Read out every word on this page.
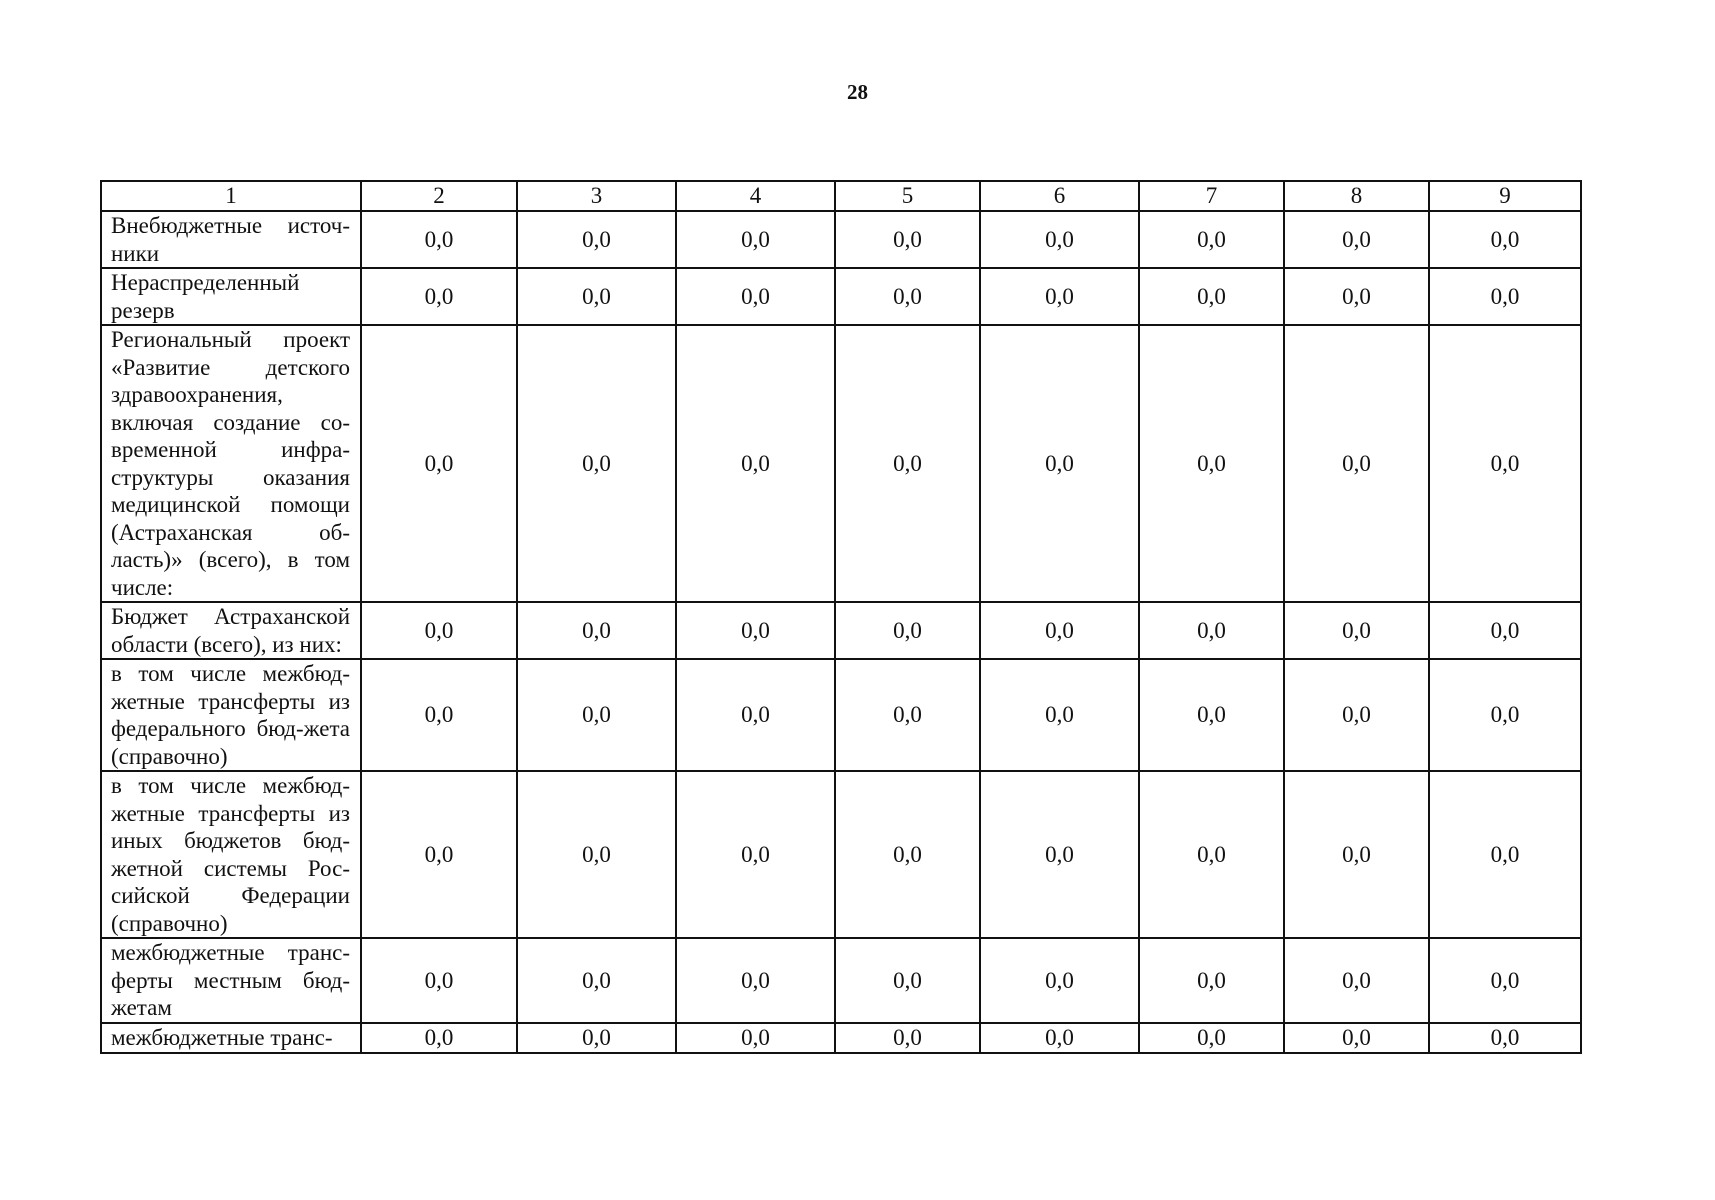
28
1	2	3	4	5	6	7	8	9
Внебюджетные источ-ники	0,0	0,0	0,0	0,0	0,0	0,0	0,0	0,0
Нераспределенный резерв	0,0	0,0	0,0	0,0	0,0	0,0	0,0	0,0
Региональный проект «Развитие детского здравоохранения, включая создание со-временной инфра-структуры оказания медицинской помощи (Астраханская об-ласть)» (всего), в том числе:	0,0	0,0	0,0	0,0	0,0	0,0	0,0	0,0
Бюджет Астраханской области (всего), из них:	0,0	0,0	0,0	0,0	0,0	0,0	0,0	0,0
в том числе межбюд-жетные трансферты из федерального бюд-жета (справочно)	0,0	0,0	0,0	0,0	0,0	0,0	0,0	0,0
в том числе межбюд-жетные трансферты из иных бюджетов бюд-жетной системы Рос-сийской Федерации (справочно)	0,0	0,0	0,0	0,0	0,0	0,0	0,0	0,0
межбюджетные транс-ферты местным бюд-жетам	0,0	0,0	0,0	0,0	0,0	0,0	0,0	0,0
межбюджетные транс-	0,0	0,0	0,0	0,0	0,0	0,0	0,0	0,0
